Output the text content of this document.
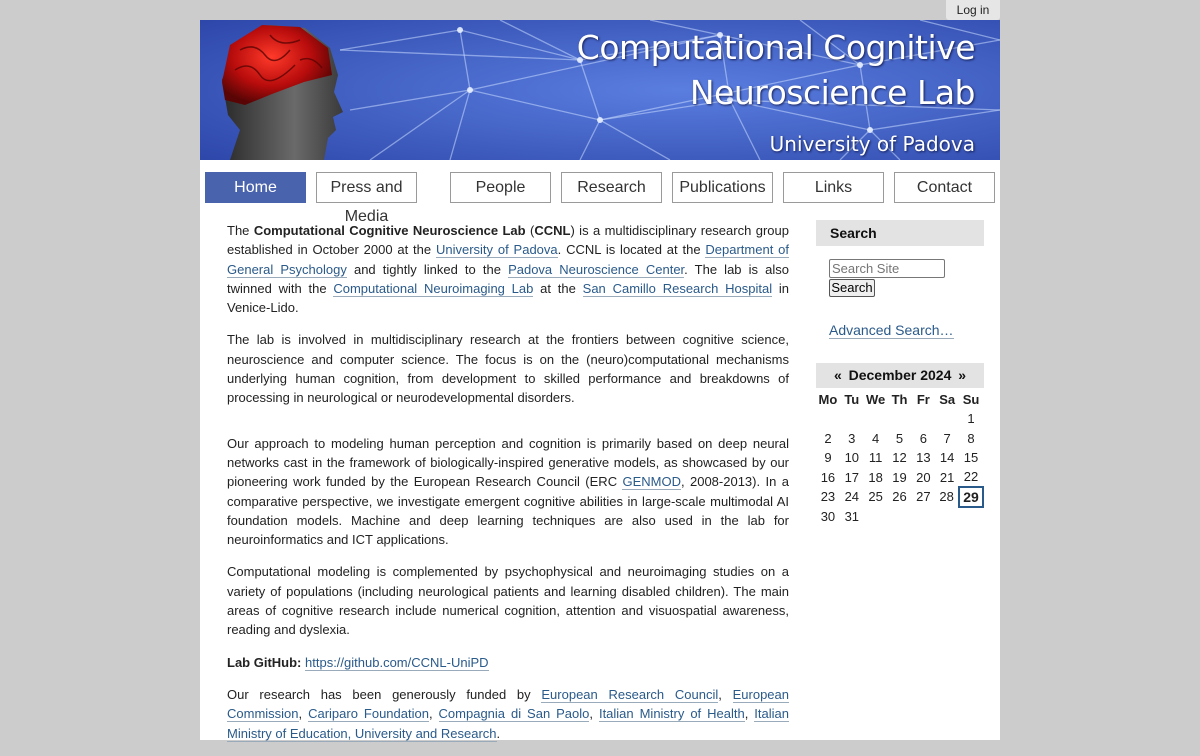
Log in
Computational Cognitive
Neuroscience Lab
University of Padova
Home	Press and Media
People	Research	Publications	Links	Contact

The Computational Cognitive Neuroscience Lab (CCNL) is a multidisciplinary research group established in October 2000 at the University of Padova. CCNL is located at the Department of General Psychology and tightly linked to the Padova Neuroscience Center. The lab is also twinned with the Computational Neuroimaging Lab at the San Camillo Research Hospital in Venice-Lido.

The lab is involved in multidisciplinary research at the frontiers between cognitive science, neuroscience and computer science. The focus is on the (neuro)computational mechanisms underlying human cognition, from development to skilled performance and breakdowns of processing in neurological or neurodevelopmental disorders.

Our approach to modeling human perception and cognition is primarily based on deep neural networks cast in the framework of biologically-inspired generative models, as showcased by our pioneering work funded by the European Research Council (ERC GENMOD, 2008-2013). In a comparative perspective, we investigate emergent cognitive abilities in large-scale multimodal AI foundation models. Machine and deep learning techniques are also used in the lab for neuroinformatics and ICT applications.

Computational modeling is complemented by psychophysical and neuroimaging studies on a variety of populations (including neurological patients and learning disabled children). The main areas of cognitive research include numerical cognition, attention and visuospatial awareness, reading and dyslexia.

Lab GitHub: https://github.com/CCNL-UniPD

Our research has been generously funded by European Research Council, European Commission, Cariparo Foundation, Compagnia di San Paolo, Italian Ministry of Health, Italian Ministry of Education, University and Research.

Search
Search Site
Search
Advanced Search…
« December 2024 »
Mo	Tu	We	Th	Fr	Sa	Su
						1
2	3	4	5	6	7	8
9	10	11	12	13	14	15
16	17	18	19	20	21	22
23	24	25	26	27	28	29
30	31					
